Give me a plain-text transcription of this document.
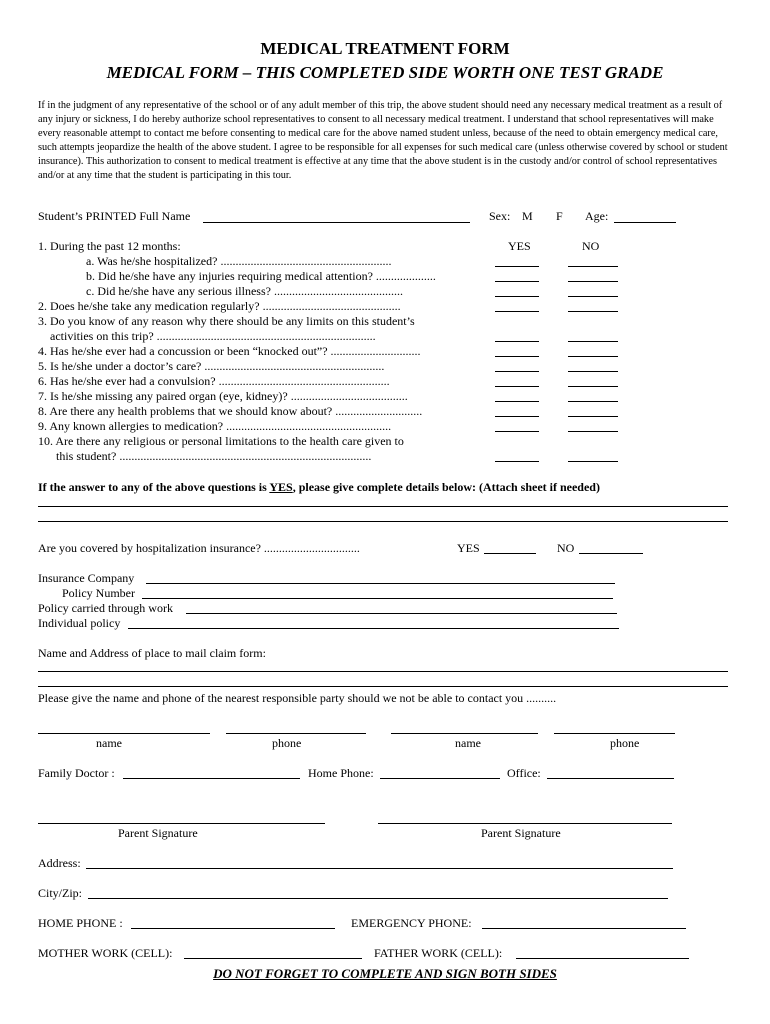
MEDICAL TREATMENT FORM
MEDICAL FORM – THIS COMPLETED SIDE WORTH ONE TEST GRADE
If in the judgment of any representative of the school or of any adult member of this trip, the above student should need any necessary medical treatment as a result of any injury or sickness, I do hereby authorize school representatives to consent to all necessary medical treatment. I understand that school representatives will make every reasonable attempt to contact me before consenting to medical care for the above named student unless, because of the need to obtain emergency medical care, such attempts jeopardize the health of the above student. I agree to be responsible for all expenses for such medical care (unless otherwise covered by school or student insurance). This authorization to consent to medical treatment is effective at any time that the above student is in the custody and/or control of school representatives and/or at any time that the student is participating in this tour.
Student’s PRINTED Full Name	Sex: M F Age:
1. During the past 12 months:	YES	NO
a. Was he/she hospitalized? .........................................................
b. Did he/she have any injuries requiring medical attention? ....................
c. Did he/she have any serious illness? ...........................................
2. Does he/she take any medication regularly? ..............................................
3. Do you know of any reason why there should be any limits on this student’s
activities on this trip? .........................................................................
4. Has he/she ever had a concussion or been “knocked out”? ..............................
5. Is he/she under a doctor’s care? ............................................................
6. Has he/she ever had a convulsion? .........................................................
7. Is he/she missing any paired organ (eye, kidney)? .......................................
8. Are there any health problems that we should know about? .............................
9. Any known allergies to medication? .......................................................
10. Are there any religious or personal limitations to the health care given to
this student? ....................................................................................
If the answer to any of the above questions is YES, please give complete details below: (Attach sheet if needed)
Are you covered by hospitalization insurance? ................................	YES	NO
Insurance Company
Policy Number
Policy carried through work
Individual policy
Name and Address of place to mail claim form:
Please give the name and phone of the nearest responsible party should we not be able to contact you ..........
name	phone	name	phone
Family Doctor :	Home Phone:	Office:
Parent Signature	Parent Signature
Address:
City/Zip:
HOME PHONE :	EMERGENCY PHONE:
MOTHER WORK (CELL):	FATHER WORK (CELL):
DO NOT FORGET TO COMPLETE AND SIGN BOTH SIDES
